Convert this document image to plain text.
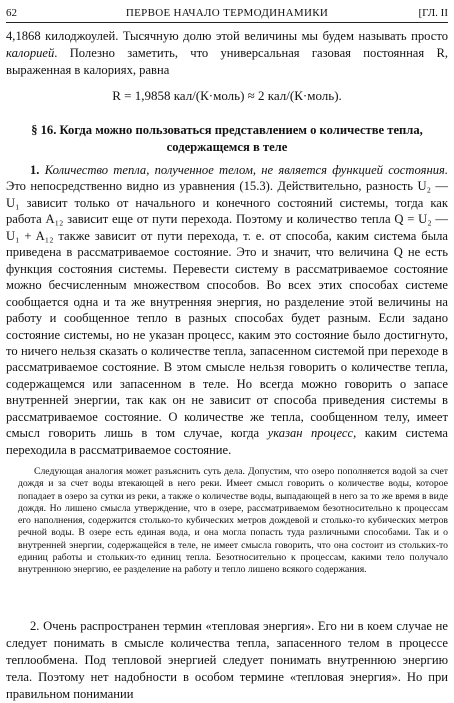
62	ПЕРВОЕ НАЧАЛО ТЕРМОДИНАМИКИ	[ГЛ. II
4,1868 килоджоулей. Тысячную долю этой величины мы будем называть просто калорией. Полезно заметить, что универсальная газовая постоянная R, выраженная в калориях, равна
R = 1,9858 кал/(К·моль) ≈ 2 кал/(К·моль).
§ 16. Когда можно пользоваться представлением о количестве тепла, содержащемся в теле
1. Количество тепла, полученное телом, не является функцией состояния. Это непосредственно видно из уравнения (15.3). Действительно, разность U₂ — U₁ зависит только от начального и конечного состояний системы, тогда как работа A₁₂ зависит еще от пути перехода. Поэтому и количество тепла Q = U₂ — U₁ + A₁₂ также зависит от пути перехода, т. е. от способа, каким система была приведена в рассматриваемое состояние. Это и значит, что величина Q не есть функция состояния системы. Перевести систему в рассматриваемое состояние можно бесчисленным множеством способов. Во всех этих способах системе сообщается одна и та же внутренняя энергия, но разделение этой величины на работу и сообщенное тепло в разных способах будет разным. Если задано состояние системы, но не указан процесс, каким это состояние было достигнуто, то ничего нельзя сказать о количестве тепла, запасенном системой при переходе в рассматриваемое состояние. В этом смысле нельзя говорить о количестве тепла, содержащемся или запасенном в теле. Но всегда можно говорить о запасе внутренней энергии, так как он не зависит от способа приведения системы в рассматриваемое состояние. О количестве же тепла, сообщенном телу, имеет смысл говорить лишь в том случае, когда указан процесс, каким система переходила в рассматриваемое состояние.
Следующая аналогия может разъяснить суть дела. Допустим, что озеро пополняется водой за счет дождя и за счет воды втекающей в него реки. Имеет смысл говорить о количестве воды, которое попадает в озеро за сутки из реки, а также о количестве воды, выпадающей в него за то же время в виде дождя. Но лишено смысла утверждение, что в озере, рассматриваемом безотносительно к процессам его наполнения, содержится столько-то кубических метров дождевой и столько-то кубических метров речной воды. В озере есть единая вода, и она могла попасть туда различными способами. Так и о внутренней энергии, содержащейся в теле, не имеет смысла говорить, что она состоит из стольких-то единиц работы и стольких-то единиц тепла. Безотносительно к процессам, какими тело получало внутреннюю энергию, ее разделение на работу и тепло лишено всякого содержания.
2. Очень распространен термин «тепловая энергия». Его ни в коем случае не следует понимать в смысле количества тепла, запасенного телом в процессе теплообмена. Под тепловой энергией следует понимать внутреннюю энергию тела. Поэтому нет надобности в особом термине «тепловая энергия». Но при правильном понимании
